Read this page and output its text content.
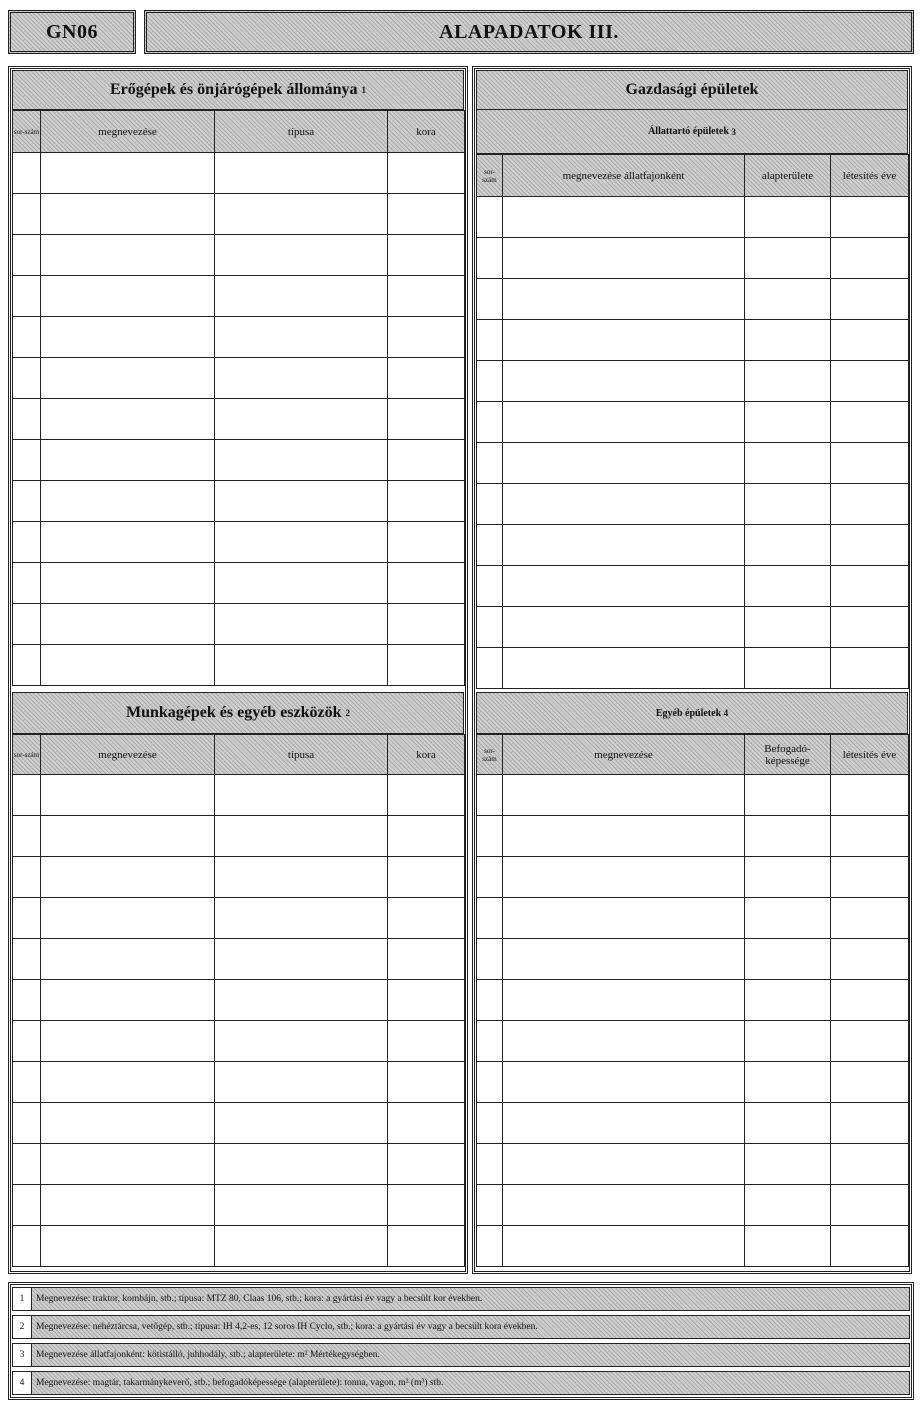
GN06	ALAPADATOK III.
Erőgépek és önjárógépek állománya
1
sor-szám	megnevezése	típusa	kora

Munkagépek és egyéb eszközök
2
sor-szám	megnevezése	típusa	kora

Gazdasági épületek
Állattartó épületek
3
sor-szám	megnevezése állatfajonként	alapterülete	létesítés éve

Egyéb épületek
4
sor-szám	megnevezése	Befogadó-képessége	létesítés éve

1	Megnevezése: traktor, kombájn, stb.; típusa: MTZ 80, Claas 106, stb.; kora: a gyártási év vagy a becsült kor években.
2	Megnevezése: nehéztárcsa, vetőgép, stb.; típusa: IH 4,2-es, 12 soros IH Cyclo, stb.; kora: a gyártási év vagy a becsült kora években.
3	Megnevezése állatfajonként: kötistálló, juhhodály, stb.; alapterülete: m² Mértékegységben.
4	Megnevezése: magtár, takarmánykeverő, stb.; befogadóképessége (alapterülete): tonna, vagon, m² (m³) stb.
